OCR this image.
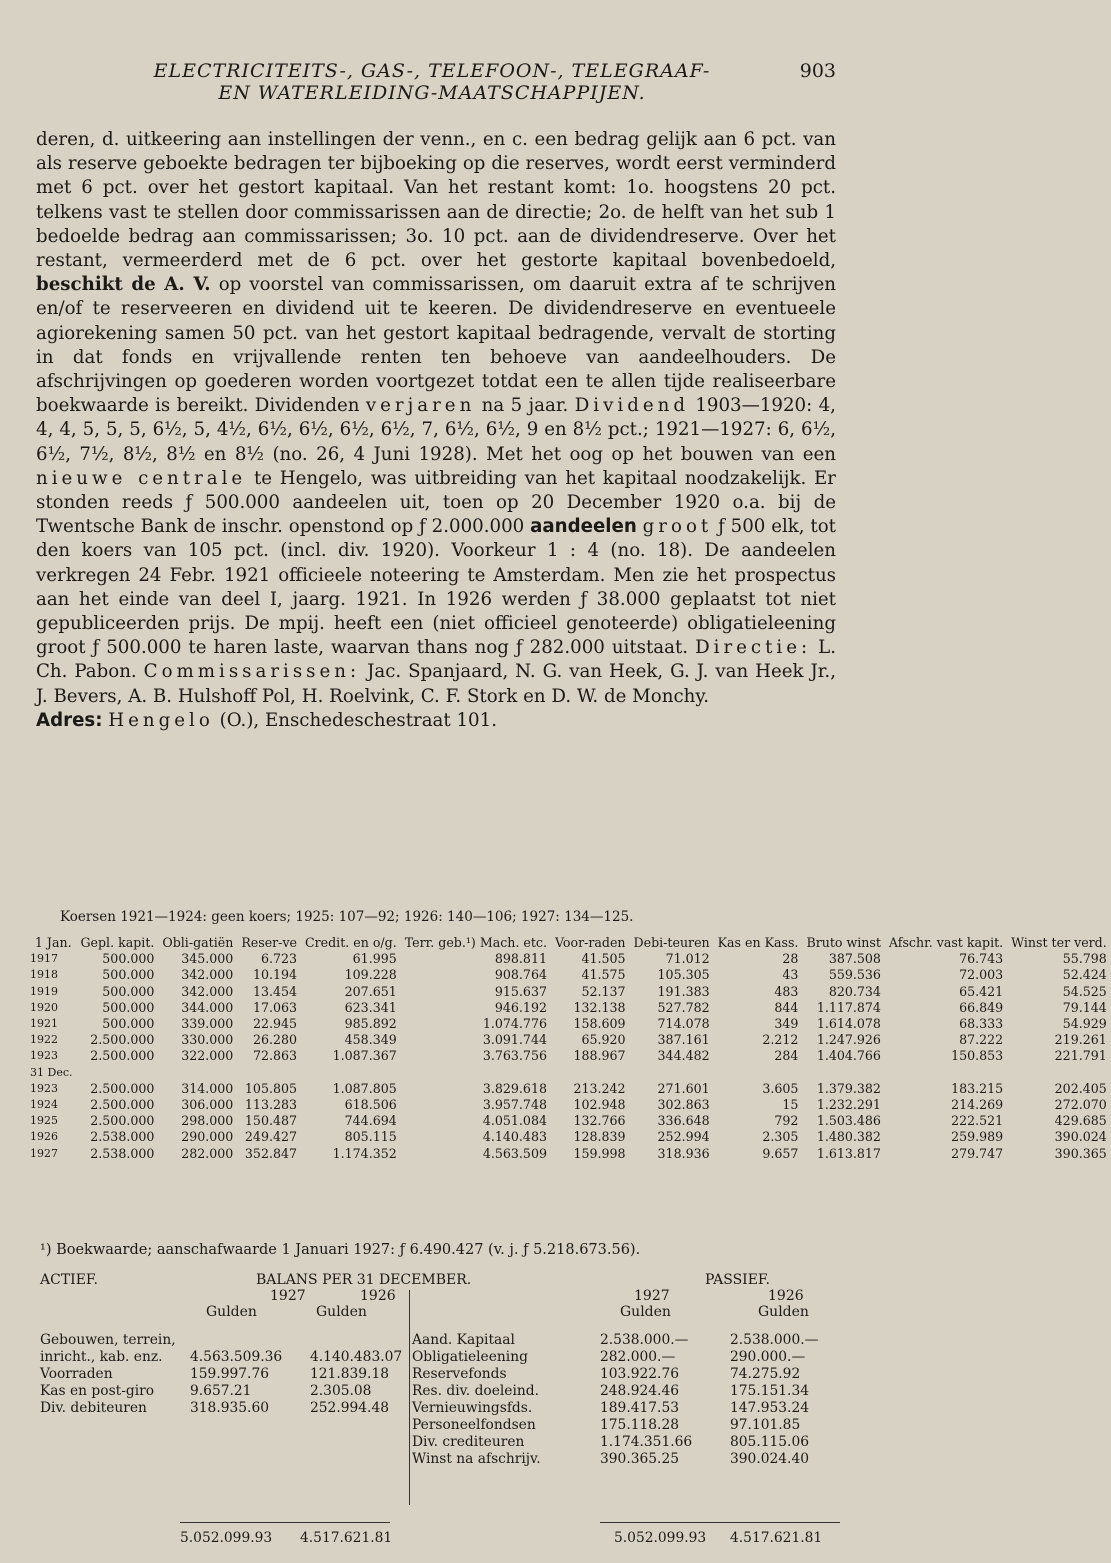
ELECTRICITEITS-, GAS-, TELEFOON-, TELEGRAAF-
EN WATERLEIDING-MAATSCHAPPIJEN.
903

deren, d. uitkeering aan instellingen der venn., en c. een bedrag gelijk aan 6 pct. van als reserve geboekte bedragen ter bijboeking op die reserves, wordt eerst verminderd met 6 pct. over het gestort kapitaal. Van het restant komt: 1o. hoogstens 20 pct. telkens vast te stellen door commissarissen aan de directie; 2o. de helft van het sub 1 bedoelde bedrag aan commissarissen; 3o. 10 pct. aan de dividendreserve. Over het restant, vermeerderd met de 6 pct. over het gestorte kapitaal bovenbedoeld, beschikt de A. V. op voorstel van commissarissen, om daaruit extra af te schrijven en/of te reserveeren en dividend uit te keeren. De dividendreserve en eventueele agiorekening samen 50 pct. van het gestort kapitaal bedragende, vervalt de storting in dat fonds en vrijvallende renten ten behoeve van aandeelhouders. De afschrijvingen op goederen worden voortgezet totdat een te allen tijde realiseerbare boekwaarde is bereikt. Dividenden verjaren na 5 jaar. Dividend 1903—1920: 4, 4, 4, 5, 5, 5, 6½, 5, 4½, 6½, 6½, 6½, 6½, 7, 6½, 6½, 9 en 8½ pct.; 1921—1927: 6, 6½, 6½, 7½, 8½, 8½ en 8½ (no. 26, 4 Juni 1928). Met het oog op het bouwen van een nieuwe centrale te Hengelo, was uitbreiding van het kapitaal noodzakelijk. Er stonden reeds ƒ 500.000 aandeelen uit, toen op 20 December 1920 o.a. bij de Twentsche Bank de inschr. openstond op ƒ 2.000.000 aandeelen groot ƒ 500 elk, tot den koers van 105 pct. (incl. div. 1920). Voorkeur 1 : 4 (no. 18). De aandeelen verkregen 24 Febr. 1921 officieele noteering te Amsterdam. Men zie het prospectus aan het einde van deel I, jaarg. 1921. In 1926 werden ƒ 38.000 geplaatst tot niet gepubliceerden prijs. De mpij. heeft een (niet officieel genoteerde) obligatieleening groot ƒ 500.000 te haren laste, waarvan thans nog ƒ 282.000 uitstaat. Directie: L. Ch. Pabon. Commissarissen: Jac. Spanjaard, N. G. van Heek, G. J. van Heek Jr., J. Bevers, A. B. Hulshoff Pol, H. Roelvink, C. F. Stork en D. W. de Monchy.

Adres: Hengelo (O.), Enschedeschestraat 101.

Koersen 1921—1924: geen koers; 1925: 107—92; 1926: 140—106; 1927: 134—125.
1 Jan.	Gepl. kapit.	Obli-gatiën	Reser-ve	Credit. en o/g.	Terr. geb.¹) Mach. etc.	Voor-raden	Debi-teuren	Kas en Kass.	Bruto winst	Afschr. vast kapit.	Winst ter verd.
1917	500.000	345.000	6.723	61.995	898.811	41.505	71.012	28	387.508	76.743	55.798
1918	500.000	342.000	10.194	109.228	908.764	41.575	105.305	43	559.536	72.003	52.424
1919	500.000	342.000	13.454	207.651	915.637	52.137	191.383	483	820.734	65.421	54.525
1920	500.000	344.000	17.063	623.341	946.192	132.138	527.782	844	1.117.874	66.849	79.144
1921	500.000	339.000	22.945	985.892	1.074.776	158.609	714.078	349	1.614.078	68.333	54.929
1922	2.500.000	330.000	26.280	458.349	3.091.744	65.920	387.161	2.212	1.247.926	87.222	219.261
1923	2.500.000	322.000	72.863	1.087.367	3.763.756	188.967	344.482	284	1.404.766	150.853	221.791
31 Dec.											
1923	2.500.000	314.000	105.805	1.087.805	3.829.618	213.242	271.601	3.605	1.379.382	183.215	202.405
1924	2.500.000	306.000	113.283	618.506	3.957.748	102.948	302.863	15	1.232.291	214.269	272.070
1925	2.500.000	298.000	150.487	744.694	4.051.084	132.766	336.648	792	1.503.486	222.521	429.685
1926	2.538.000	290.000	249.427	805.115	4.140.483	128.839	252.994	2.305	1.480.382	259.989	390.024
1927	2.538.000	282.000	352.847	1.174.352	4.563.509	159.998	318.936	9.657	1.613.817	279.747	390.365
¹) Boekwaarde; aanschafwaarde 1 Januari 1927: ƒ 6.490.427 (v. j. ƒ 5.218.673.56).
ACTIEF.	BALANS PER 31 DECEMBER.	PASSIEF.
1927	1926	1927	1926
Gulden	Gulden	Gulden	Gulden
Gebouwen, terrein,
inricht., kab. enz. 4.563.509.36 4.140.483.07
Voorraden	159.997.76	121.839.18
Kas en post-giro	9.657.21	2.305.08
Div. debiteuren	318.935.60	252.994.48
Aand. Kapitaal	2.538.000.—	2.538.000.—
Obligatieleening	282.000.—	290.000.—
Reservefonds	103.922.76	74.275.92
Res. div. doeleind.	248.924.46	175.151.34
Vernieuwingsfds.	189.417.53	147.953.24
Personeelfondsen	175.118.28	97.101.85
Div. crediteuren	1.174.351.66	805.115.06
Winst na afschrijv.	390.365.25	390.024.40
5.052.099.93 4.517.621.81	5.052.099.93 4.517.621.81
